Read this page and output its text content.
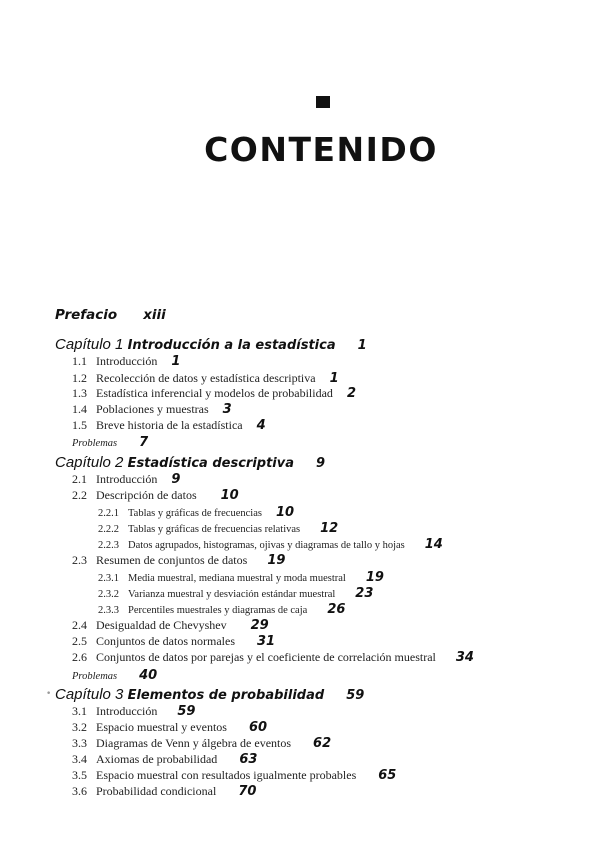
CONTENIDO
Prefacio xiii
Capítulo 1 Introducción a la estadística 1
1.1 Introducción 1
1.2 Recolección de datos y estadística descriptiva 1
1.3 Estadística inferencial y modelos de probabilidad 2
1.4 Poblaciones y muestras 3
1.5 Breve historia de la estadística 4
Problemas 7
Capítulo 2 Estadística descriptiva 9
2.1 Introducción 9
2.2 Descripción de datos 10
2.2.1 Tablas y gráficas de frecuencias 10
2.2.2 Tablas y gráficas de frecuencias relativas 12
2.2.3 Datos agrupados, histogramas, ojivas y diagramas de tallo y hojas 14
2.3 Resumen de conjuntos de datos 19
2.3.1 Media muestral, mediana muestral y moda muestral 19
2.3.2 Varianza muestral y desviación estándar muestral 23
2.3.3 Percentiles muestrales y diagramas de caja 26
2.4 Desigualdad de Chevyshev 29
2.5 Conjuntos de datos normales 31
2.6 Conjuntos de datos por parejas y el coeficiente de correlación muestral 34
Problemas 40
• Capítulo 3 Elementos de probabilidad 59
3.1 Introducción 59
3.2 Espacio muestral y eventos 60
3.3 Diagramas de Venn y álgebra de eventos 62
3.4 Axiomas de probabilidad 63
3.5 Espacio muestral con resultados igualmente probables 65
3.6 Probabilidad condicional 70
